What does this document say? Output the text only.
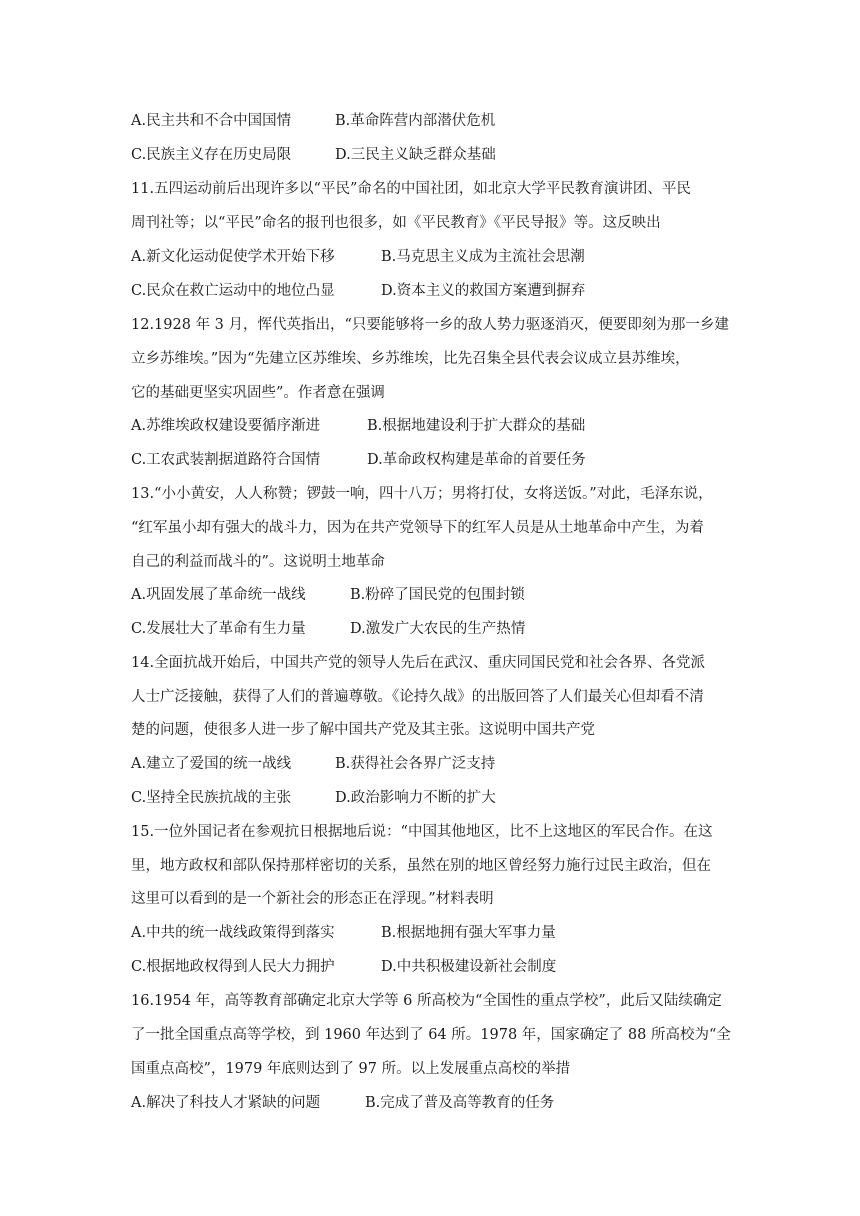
A.民主共和不合中国国情	B.革命阵营内部潜伏危机
C.民族主义存在历史局限	D.三民主义缺乏群众基础
11.五四运动前后出现许多以“平民”命名的中国社团，如北京大学平民教育演讲团、平民
周刊社等；以“平民”命名的报刊也很多，如《平民教育》《平民导报》等。这反映出
A.新文化运动促使学术开始下移	B.马克思主义成为主流社会思潮
C.民众在救亡运动中的地位凸显	D.资本主义的救国方案遭到摒弃
12.1928 年 3 月，恽代英指出，“只要能够将一乡的敌人势力驱逐消灭，便要即刻为那一乡建
立乡苏维埃。”因为“先建立区苏维埃、乡苏维埃，比先召集全县代表会议成立县苏维埃，
它的基础更坚实巩固些”。作者意在强调
A.苏维埃政权建设要循序渐进	B.根据地建设利于扩大群众的基础
C.工农武装割据道路符合国情	D.革命政权构建是革命的首要任务
13.“小小黄安，人人称赞；锣鼓一响，四十八万；男将打仗，女将送饭。”对此，毛泽东说，
“红军虽小却有强大的战斗力，因为在共产党领导下的红军人员是从土地革命中产生，为着
自己的利益而战斗的”。这说明土地革命
A.巩固发展了革命统一战线	B.粉碎了国民党的包围封锁
C.发展壮大了革命有生力量	D.激发广大农民的生产热情
14.全面抗战开始后，中国共产党的领导人先后在武汉、重庆同国民党和社会各界、各党派
人士广泛接触，获得了人们的普遍尊敬。《论持久战》的出版回答了人们最关心但却看不清
楚的问题，使很多人进一步了解中国共产党及其主张。这说明中国共产党
A.建立了爱国的统一战线	B.获得社会各界广泛支持
C.坚持全民族抗战的主张	D.政治影响力不断的扩大
15.一位外国记者在参观抗日根据地后说：“中国其他地区，比不上这地区的军民合作。在这
里，地方政权和部队保持那样密切的关系，虽然在别的地区曾经努力施行过民主政治，但在
这里可以看到的是一个新社会的形态正在浮现。”材料表明
A.中共的统一战线政策得到落实	B.根据地拥有强大军事力量
C.根据地政权得到人民大力拥护	D.中共积极建设新社会制度
16.1954 年，高等教育部确定北京大学等 6 所高校为“全国性的重点学校”，此后又陆续确定
了一批全国重点高等学校，到 1960 年达到了 64 所。1978 年，国家确定了 88 所高校为“全
国重点高校”，1979 年底则达到了 97 所。以上发展重点高校的举措
A.解决了科技人才紧缺的问题	B.完成了普及高等教育的任务
